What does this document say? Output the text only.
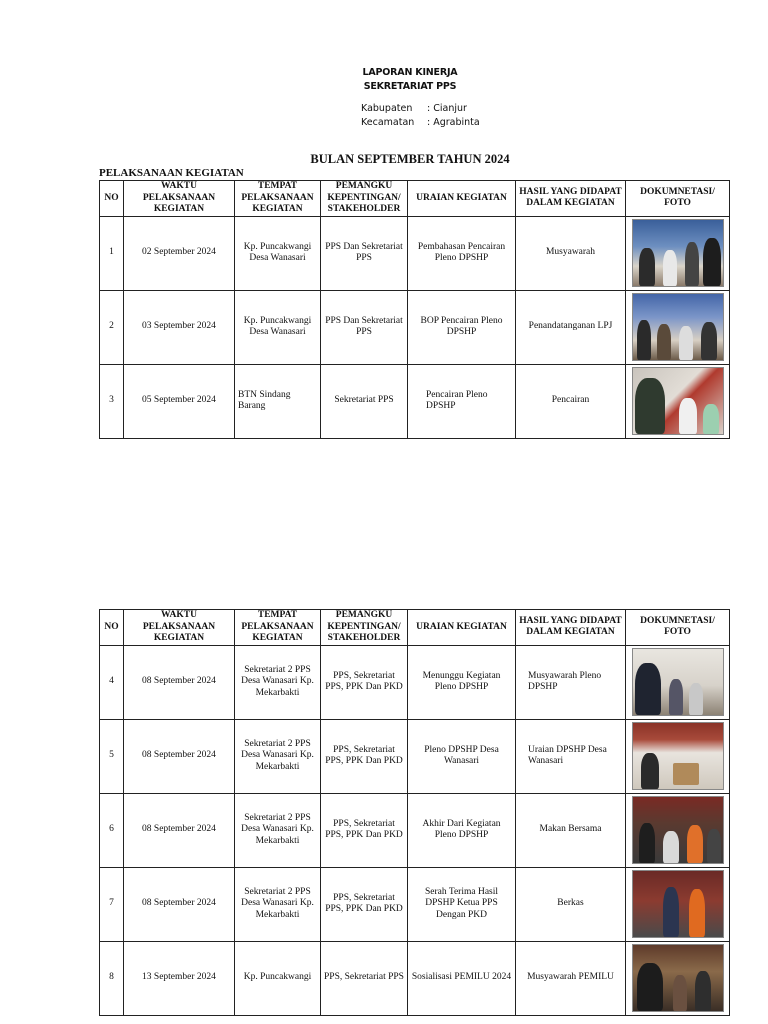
LAPORAN KINERJA
SEKRETARIAT PPS
Kabupaten : Cianjur
Kecamatan : Agrabinta
BULAN SEPTEMBER TAHUN 2024
PELAKSANAAN KEGIATAN
NO	WAKTU PELAKSANAAN KEGIATAN	TEMPAT PELAKSANAAN KEGIATAN	PEMANGKU KEPENTINGAN/ STAKEHOLDER	URAIAN KEGIATAN	HASIL YANG DIDAPAT DALAM KEGIATAN	DOKUMNETASI/ FOTO
1	02 September 2024	Kp. Puncakwangi Desa Wanasari	PPS Dan Sekretariat PPS	Pembahasan Pencairan Pleno DPSHP	Musyawarah	

2	03 September 2024	Kp. Puncakwangi Desa Wanasari	PPS Dan Sekretariat PPS	BOP Pencairan Pleno DPSHP	Penandatanganan LPJ	

3	05 September 2024	BTN Sindang Barang	Sekretariat PPS	Pencairan Pleno DPSHP	Pencairan	
NO	WAKTU PELAKSANAAN KEGIATAN	TEMPAT PELAKSANAAN KEGIATAN	PEMANGKU KEPENTINGAN/ STAKEHOLDER	URAIAN KEGIATAN	HASIL YANG DIDAPAT DALAM KEGIATAN	DOKUMNETASI/ FOTO
4	08 September 2024	Sekretariat 2 PPS Desa Wanasari Kp. Mekarbakti	PPS, Sekretariat PPS, PPK Dan PKD	Menunggu Kegiatan Pleno DPSHP	Musyawarah Pleno DPSHP	

5	08 September 2024	Sekretariat 2 PPS Desa Wanasari Kp. Mekarbakti	PPS, Sekretariat PPS, PPK Dan PKD	Pleno DPSHP Desa Wanasari	Uraian DPSHP Desa Wanasari	

6	08 September 2024	Sekretariat 2 PPS Desa Wanasari Kp. Mekarbakti	PPS, Sekretariat PPS, PPK Dan PKD	Akhir Dari Kegiatan Pleno DPSHP	Makan Bersama	

7	08 September 2024	Sekretariat 2 PPS Desa Wanasari Kp. Mekarbakti	PPS, Sekretariat PPS, PPK Dan PKD	Serah Terima Hasil DPSHP Ketua PPS Dengan PKD	Berkas	

8	13 September 2024	Kp. Puncakwangi	PPS, Sekretariat PPS	Sosialisasi PEMILU 2024	Musyawarah PEMILU	
